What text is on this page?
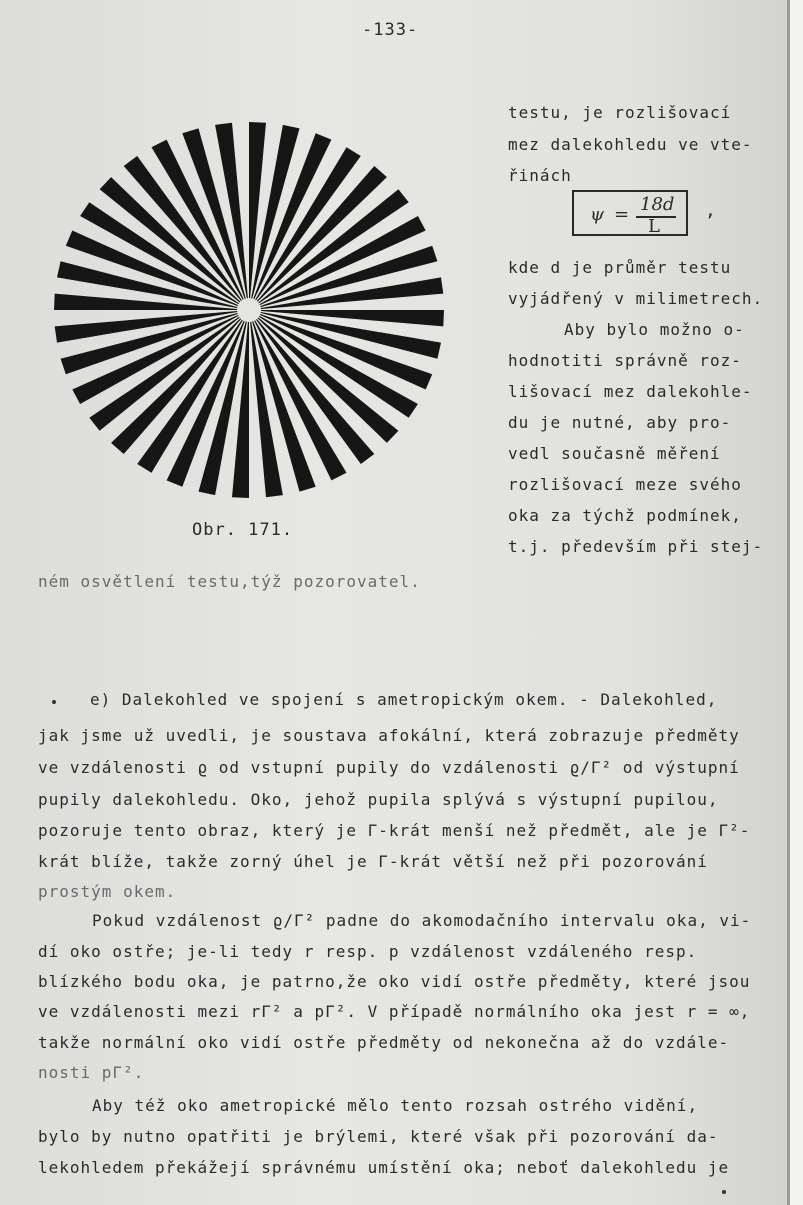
-133-
Obr. 171.
testu, je rozlišovací
mez dalekohledu ve vte-
řinách
ψ = 18d
L
,
kde d je průměr testu
vyjádřený v milimetrech.
Aby bylo možno o-
hodnotiti správně roz-
lišovací mez dalekohle-
du je nutné, aby pro-
vedl současně měření
rozlišovací meze svého
oka za týchž podmínek,
t.j. především při stej-
ném osvětlení testu,týž pozorovatel.
e) Dalekohled ve spojení s ametropickým okem. - Dalekohled,
jak jsme už uvedli, je soustava afokální, která zobrazuje předměty
ve vzdálenosti ϱ od vstupní pupily do vzdálenosti ϱ/Γ² od výstupní
pupily dalekohledu. Oko, jehož pupila splývá s výstupní pupilou,
pozoruje tento obraz, který je Γ-krát menší než předmět, ale je Γ²-
krát blíže, takže zorný úhel je Γ-krát větší než při pozorování
prostým okem.
Pokud vzdálenost ϱ/Γ² padne do akomodačního intervalu oka, vi-
dí oko ostře; je-li tedy r resp. p vzdálenost vzdáleného resp.
blízkého bodu oka, je patrno,že oko vidí ostře předměty, které jsou
ve vzdálenosti mezi rΓ² a pΓ². V případě normálního oka jest r = ∞,
takže normální oko vidí ostře předměty od nekonečna až do vzdále-
nosti pΓ².
Aby též oko ametropické mělo tento rozsah ostrého vidění,
bylo by nutno opatřiti je brýlemi, které však při pozorování da-
lekohledem překážejí správnému umístění oka; neboť dalekohledu je
